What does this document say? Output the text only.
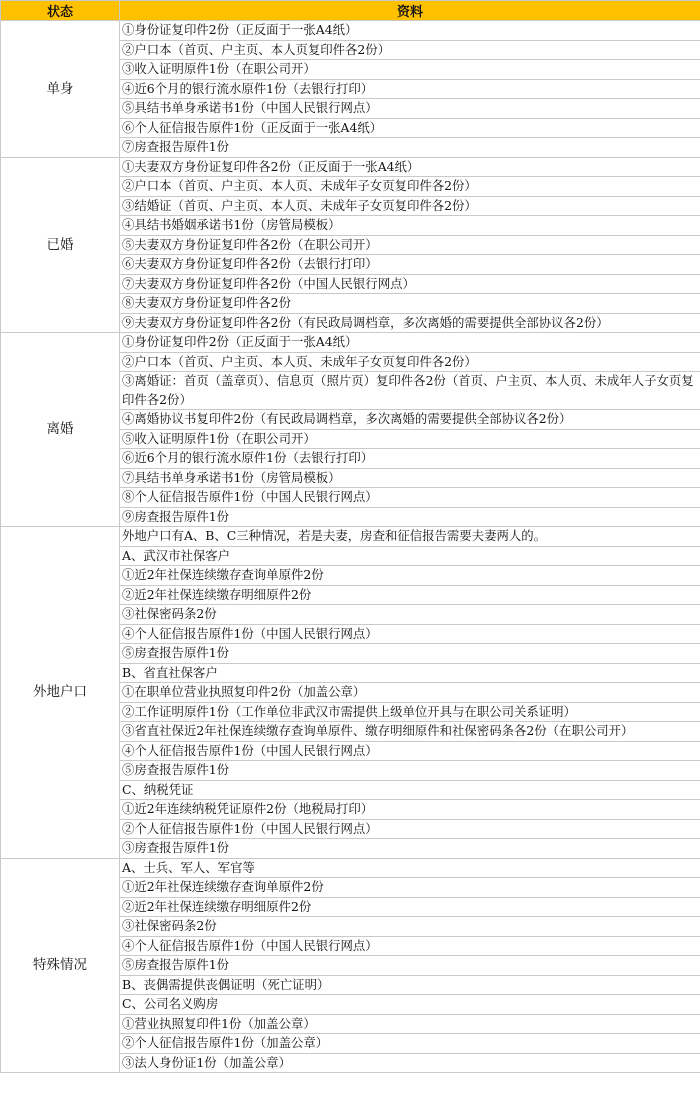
状态	资料
单身	①身份证复印件2份（正反面于一张A4纸）
	②户口本（首页、户主页、本人页复印件各2份）
	③收入证明原件1份（在职公司开）
	④近6个月的银行流水原件1份（去银行打印）
	⑤具结书单身承诺书1份（中国人民银行网点）
	⑥个人征信报告原件1份（正反面于一张A4纸）
	⑦房查报告原件1份
已婚	①夫妻双方身份证复印件各2份（正反面于一张A4纸）
	②户口本（首页、户主页、本人页、未成年子女页复印件各2份）
	③结婚证（首页、户主页、本人页、未成年子女页复印件各2份）
	④具结书婚姻承诺书1份（房管局模板）
	⑤夫妻双方身份证复印件各2份（在职公司开）
	⑥夫妻双方身份证复印件各2份（去银行打印）
	⑦夫妻双方身份证复印件各2份（中国人民银行网点）
	⑧夫妻双方身份证复印件各2份
	⑨夫妻双方身份证复印件各2份（有民政局调档章，多次离婚的需要提供全部协议各2份）
离婚	①身份证复印件2份（正反面于一张A4纸）
	②户口本（首页、户主页、本人页、未成年子女页复印件各2份）
	③离婚证：首页（盖章页）、信息页（照片页）复印件各2份（首页、户主页、本人页、未成年人子女页复印件各2份）
	④离婚协议书复印件2份（有民政局调档章，多次离婚的需要提供全部协议各2份）
	⑤收入证明原件1份（在职公司开）
	⑥近6个月的银行流水原件1份（去银行打印）
	⑦具结书单身承诺书1份（房管局模板）
	⑧个人征信报告原件1份（中国人民银行网点）
	⑨房查报告原件1份
外地户口	外地户口有A、B、C三种情况，若是夫妻，房查和征信报告需要夫妻两人的。
	A、武汉市社保客户
	①近2年社保连续缴存查询单原件2份
	②近2年社保连续缴存明细原件2份
	③社保密码条2份
	④个人征信报告原件1份（中国人民银行网点）
	⑤房查报告原件1份
	B、省直社保客户
	①在职单位营业执照复印件2份（加盖公章）
	②工作证明原件1份（工作单位非武汉市需提供上级单位开具与在职公司关系证明）
	③省直社保近2年社保连续缴存查询单原件、缴存明细原件和社保密码条各2份（在职公司开）
	④个人征信报告原件1份（中国人民银行网点）
	⑤房查报告原件1份
	C、纳税凭证
	①近2年连续纳税凭证原件2份（地税局打印）
	②个人征信报告原件1份（中国人民银行网点）
	③房查报告原件1份
特殊情况	A、士兵、军人、军官等
	①近2年社保连续缴存查询单原件2份
	②近2年社保连续缴存明细原件2份
	③社保密码条2份
	④个人征信报告原件1份（中国人民银行网点）
	⑤房查报告原件1份
	B、丧偶需提供丧偶证明（死亡证明）
	C、公司名义购房
	①营业执照复印件1份（加盖公章）
	②个人征信报告原件1份（加盖公章）
	③法人身份证1份（加盖公章）
